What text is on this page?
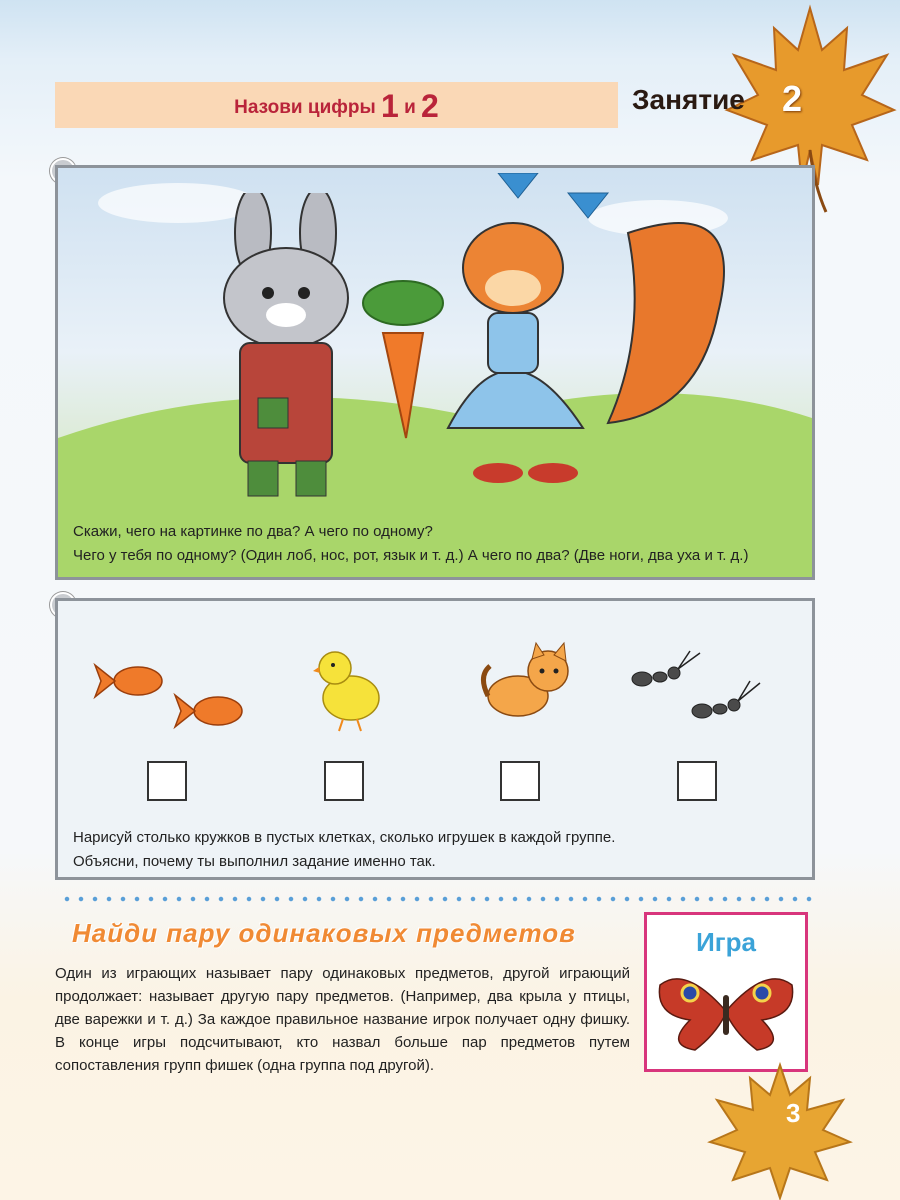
Назови цифры 1 и 2	Занятие 2
Скажи, чего на картинке по два? А чего по одному?
Чего у тебя по одному? (Один лоб, нос, рот, язык и т. д.) А чего по два? (Две ноги, два уха и т. д.)
Нарисуй столько кружков в пустых клетках, сколько игрушек в каждой группе.
Объясни, почему ты выполнил задание именно так.
Найди пару одинаковых предметов
Один из играющих называет пару одинаковых предметов, другой играющий продолжает: называет другую пару предметов. (Например, два крыла у птицы, две варежки и т. д.) За каждое правильное название игрок получает одну фишку. В конце игры подсчитывают, кто назвал больше пар предметов путем сопоставления групп фишек (одна группа под другой).
Игра
3
